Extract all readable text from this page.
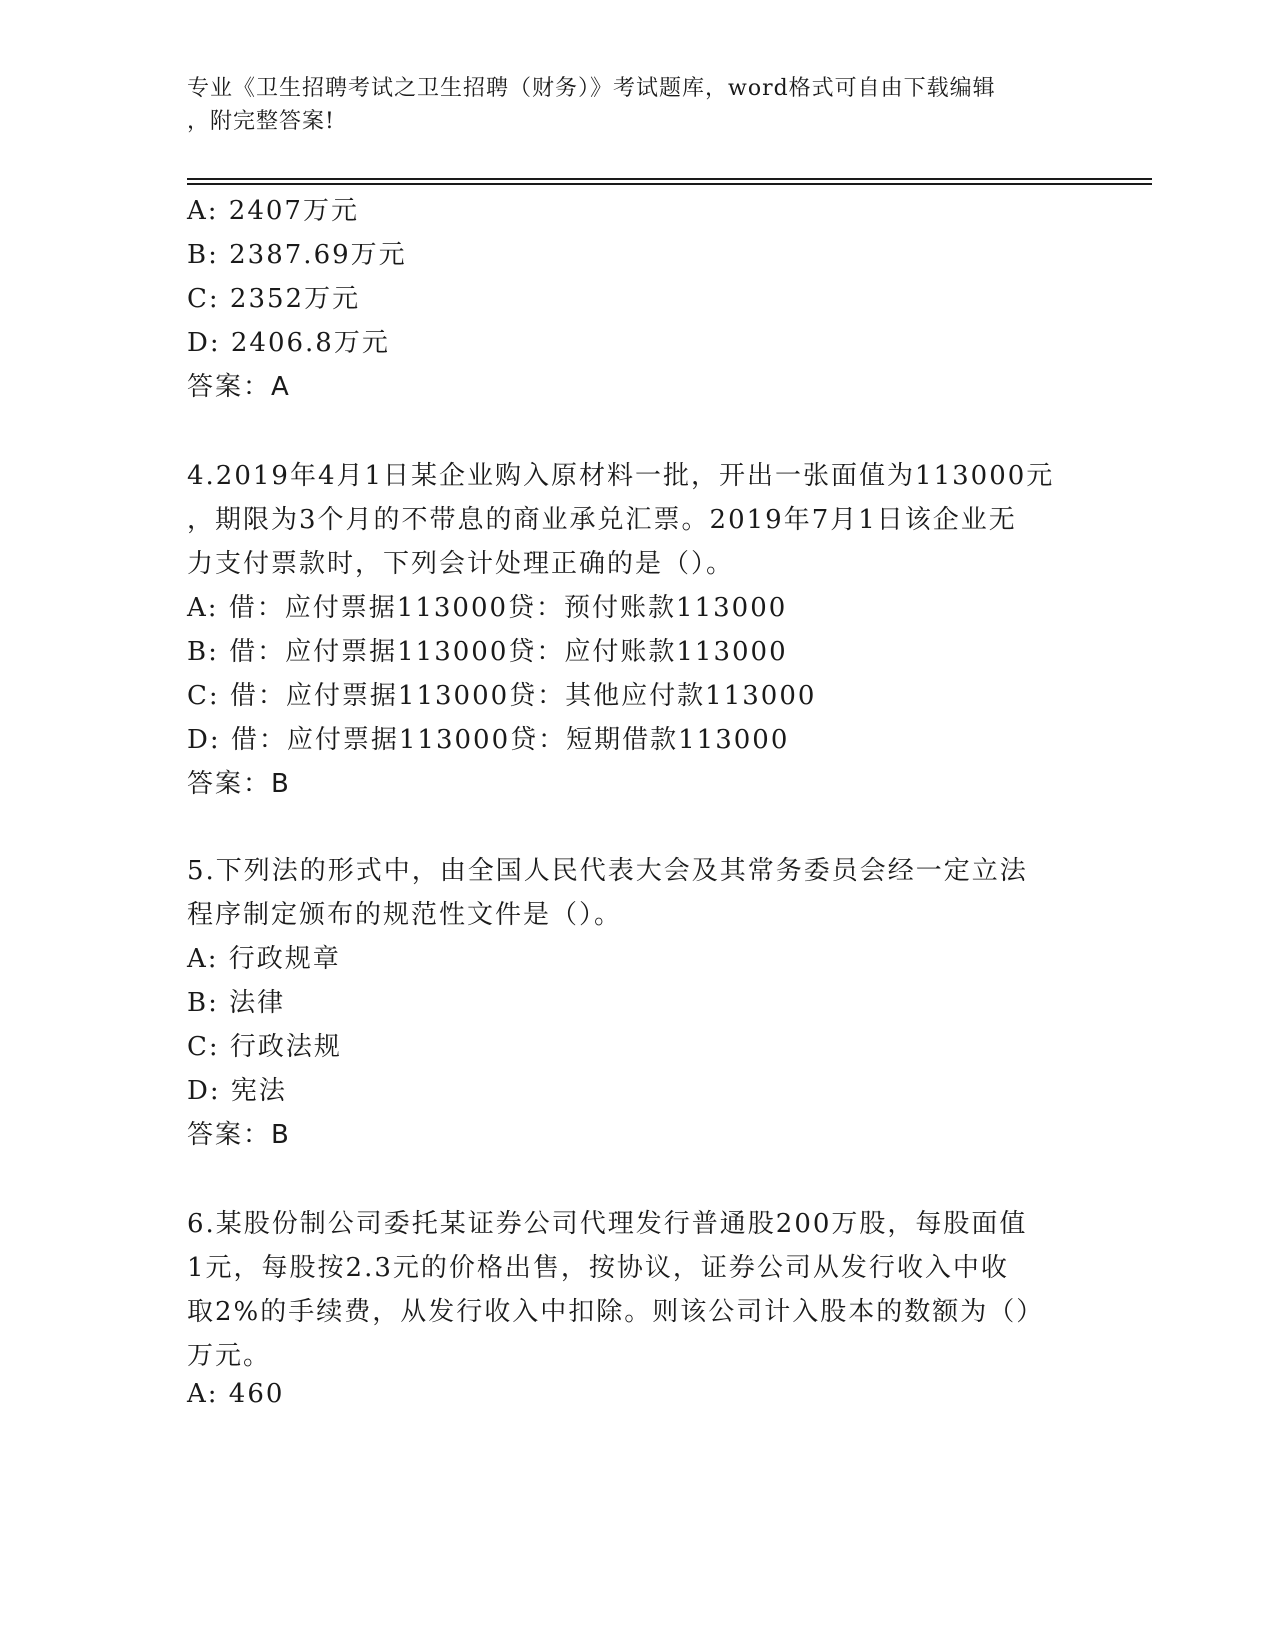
专业《卫生招聘考试之卫生招聘（财务）》考试题库，word格式可自由下载编辑
，附完整答案!
A: 2407万元
B: 2387.69万元
C: 2352万元
D: 2406.8万元
答案：A
4.2019年4月1日某企业购入原材料一批，开出一张面值为113000元
，期限为3个月的不带息的商业承兑汇票。2019年7月1日该企业无
力支付票款时，下列会计处理正确的是（）。
A: 借：应付票据113000贷：预付账款113000
B: 借：应付票据113000贷：应付账款113000
C: 借：应付票据113000贷：其他应付款113000
D: 借：应付票据113000贷：短期借款113000
答案：B
5.下列法的形式中，由全国人民代表大会及其常务委员会经一定立法
程序制定颁布的规范性文件是（）。
A: 行政规章
B: 法律
C: 行政法规
D: 宪法
答案：B
6.某股份制公司委托某证券公司代理发行普通股200万股，每股面值
1元，每股按2.3元的价格出售，按协议，证券公司从发行收入中收
取2%的手续费，从发行收入中扣除。则该公司计入股本的数额为（）
万元。
A: 460
